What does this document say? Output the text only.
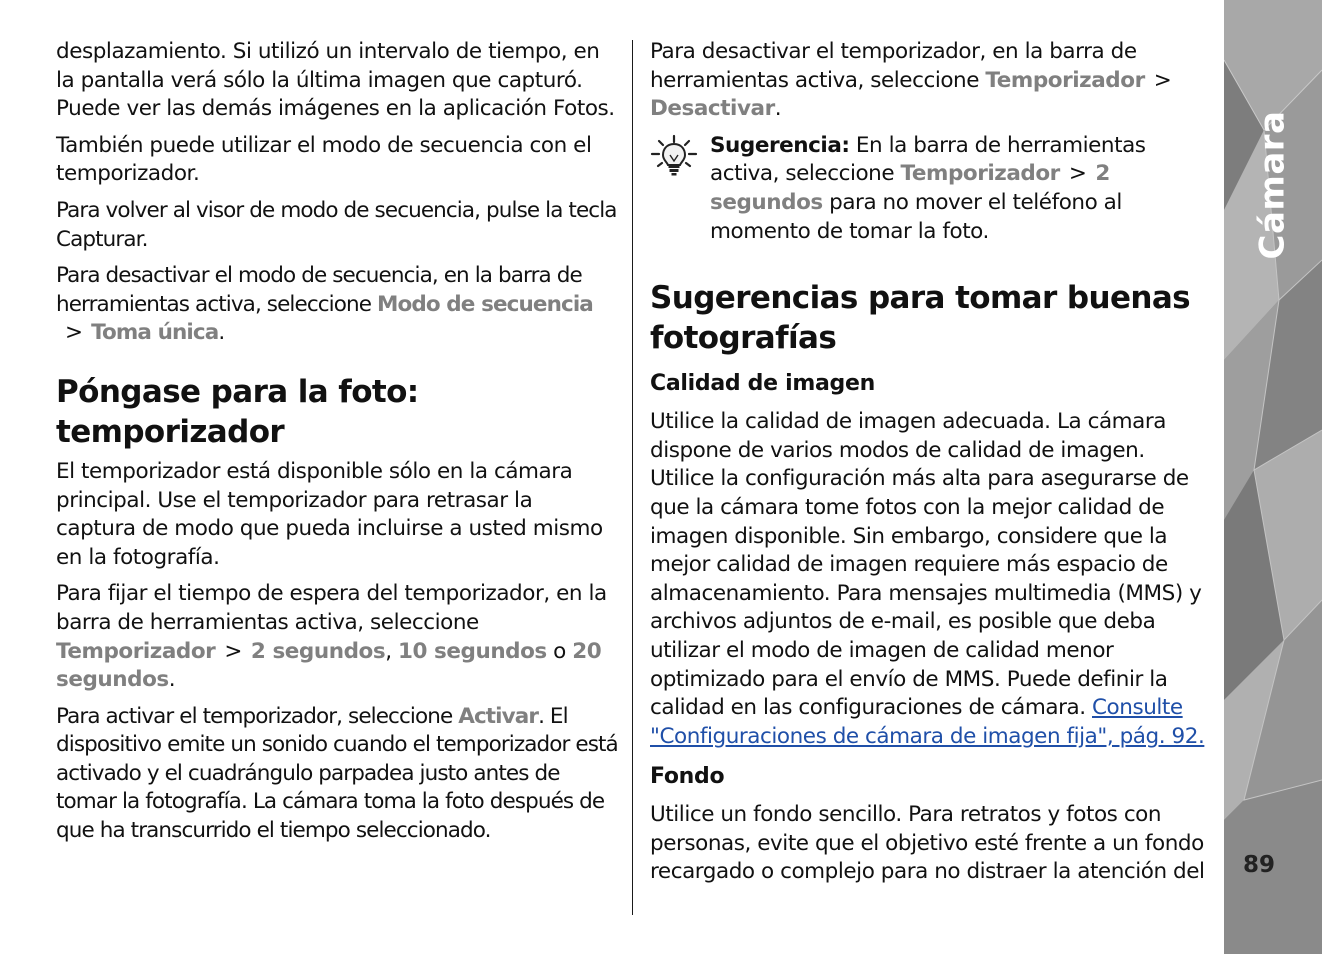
desplazamiento. Si utilizó un intervalo de tiempo, en la pantalla verá sólo la última imagen que capturó. Puede ver las demás imágenes en la aplicación Fotos.

También puede utilizar el modo de secuencia con el temporizador.

Para volver al visor de modo de secuencia, pulse la tecla Capturar.

Para desactivar el modo de secuencia, en la barra de herramientas activa, seleccione Modo de secuencia> Toma única.

Póngase para la foto: temporizador

El temporizador está disponible sólo en la cámara principal. Use el temporizador para retrasar la captura de modo que pueda incluirse a usted mismo en la fotografía.

Para fijar el tiempo de espera del temporizador, en la barra de herramientas activa, seleccione Temporizador > 2 segundos, 10 segundos o 20 segundos.

Para activar el temporizador, seleccione Activar. El dispositivo emite un sonido cuando el temporizador está activado y el cuadrángulo parpadea justo antes de tomar la fotografía. La cámara toma la foto después de que ha transcurrido el tiempo seleccionado.

Para desactivar el temporizador, en la barra de herramientas activa, seleccione Temporizador >Desactivar.

Sugerencia: En la barra de herramientas activa, seleccione Temporizador > 2 segundos para no mover el teléfono al momento de tomar la foto.

Sugerencias para tomar buenas fotografías
Calidad de imagen

Utilice la calidad de imagen adecuada. La cámara dispone de varios modos de calidad de imagen. Utilice la configuración más alta para asegurarse de que la cámara tome fotos con la mejor calidad de imagen disponible. Sin embargo, considere que la mejor calidad de imagen requiere más espacio de almacenamiento. Para mensajes multimedia (MMS) y archivos adjuntos de e-mail, es posible que deba utilizar el modo de imagen de calidad menor optimizado para el envío de MMS. Puede definir la calidad en las configuraciones de cámara. Consulte "Configuraciones de cámara de imagen fija", pág. 92.

Fondo

Utilice un fondo sencillo. Para retratos y fotos con personas, evite que el objetivo esté frente a un fondo recargado o complejo para no distraer la atención del

Cámara
89
